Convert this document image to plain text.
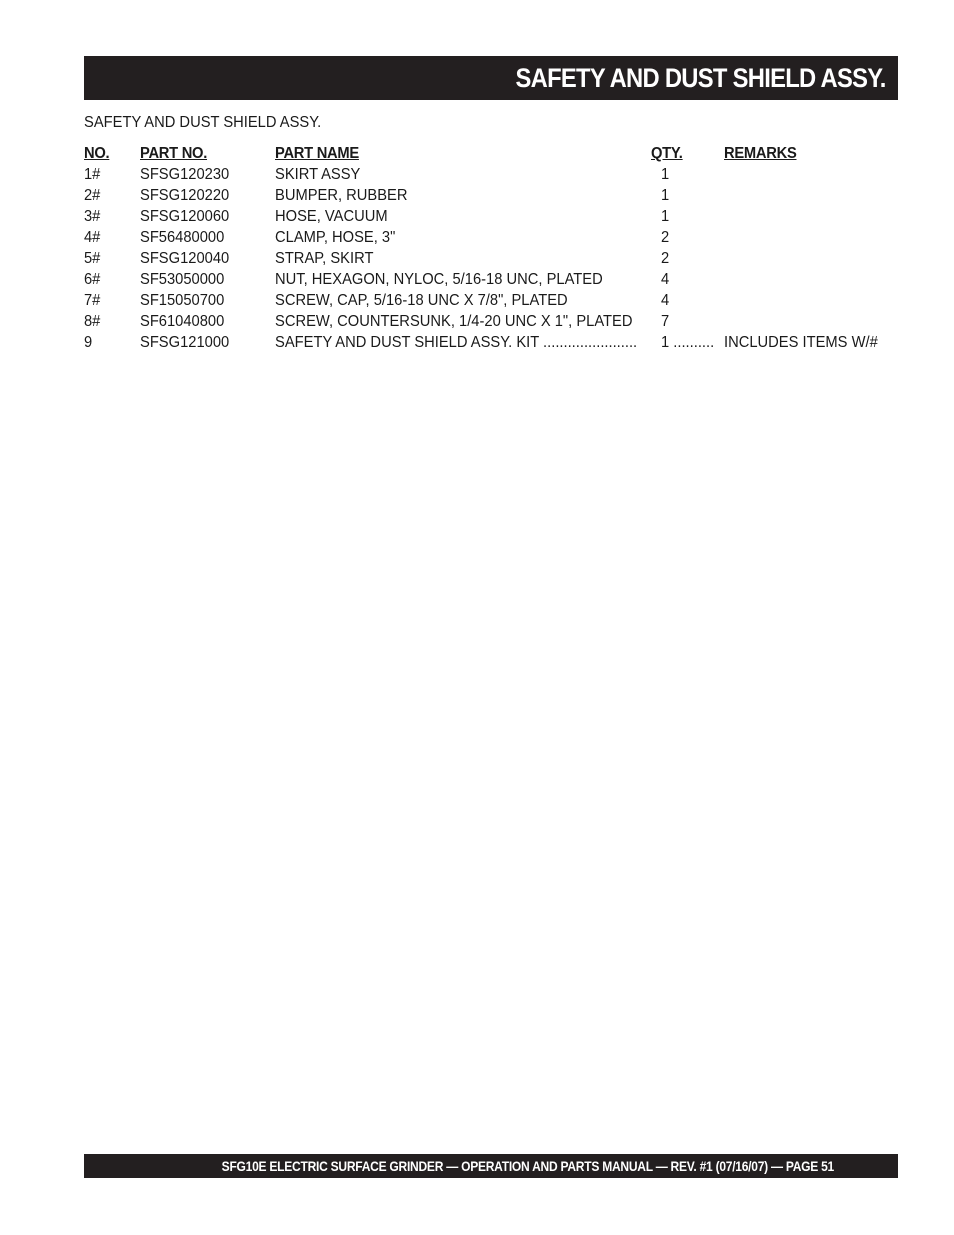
SAFETY AND DUST SHIELD ASSY.
SAFETY AND DUST SHIELD ASSY.
NO. PART NO.	PART NAME	QTY.	REMARKS
1# SFSG120230	SKIRT ASSY	1
2# SFSG120220	BUMPER, RUBBER	1
3# SFSG120060	HOSE, VACUUM	1
4# SF56480000	CLAMP, HOSE, 3"	2
5# SFSG120040	STRAP, SKIRT	2
6# SF53050000	NUT, HEXAGON, NYLOC, 5/16-18 UNC, PLATED	4
7# SF15050700	SCREW, CAP, 5/16-18 UNC X 7/8", PLATED	4
8# SF61040800	SCREW, COUNTERSUNK, 1/4-20 UNC X 1", PLATED 7
9	SFSG121000	SAFETY AND DUST SHIELD ASSY. KIT ....................... 1 .......... INCLUDES ITEMS W/#
SFG10E ELECTRIC SURFACE GRINDER — OPERATION AND PARTS MANUAL — REV. #1 (07/16/07) — PAGE 51
